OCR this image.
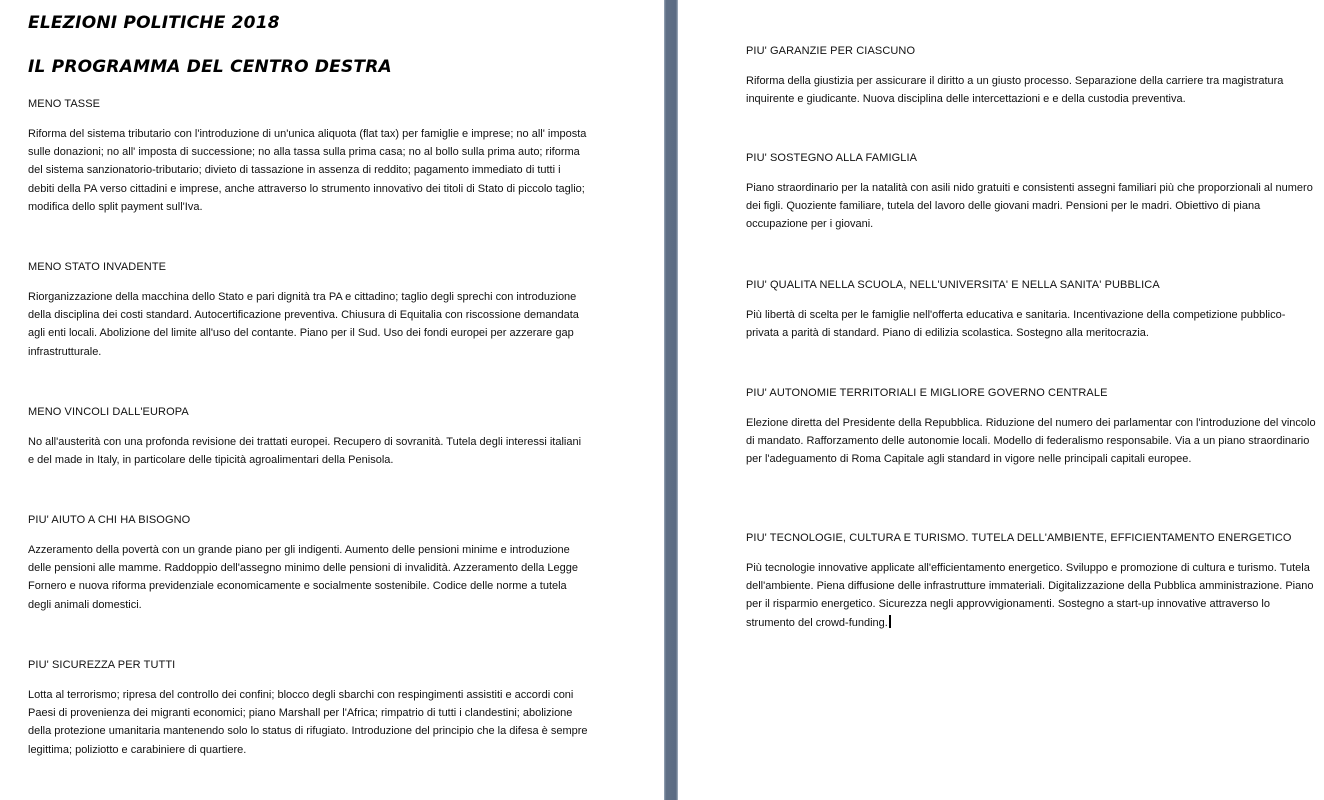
ELEZIONI POLITICHE 2018
IL PROGRAMMA DEL CENTRO DESTRA
MENO TASSE

Riforma del sistema tributario con l'introduzione di un'unica aliquota (flat tax) per famiglie e imprese; no all' imposta sulle donazioni; no all' imposta di successione; no alla tassa sulla prima casa; no al bollo sulla prima auto; riforma del sistema sanzionatorio-tributario; divieto di tassazione in assenza di reddito; pagamento immediato di tutti i debiti della PA verso cittadini e imprese, anche attraverso lo strumento innovativo dei titoli di Stato di piccolo taglio; modifica dello split payment sull'Iva.

MENO STATO INVADENTE

Riorganizzazione della macchina dello Stato e pari dignità tra PA e cittadino; taglio degli sprechi con introduzione della disciplina dei costi standard. Autocertificazione preventiva. Chiusura di Equitalia con riscossione demandata agli enti locali. Abolizione del limite all'uso del contante. Piano per il Sud. Uso dei fondi europei per azzerare gap infrastrutturale.

MENO VINCOLI DALL'EUROPA

No all'austerità con una profonda revisione dei trattati europei. Recupero di sovranità. Tutela degli interessi italiani e del made in Italy, in particolare delle tipicità agroalimentari della Penisola.

PIU' AIUTO A CHI HA BISOGNO

Azzeramento della povertà con un grande piano per gli indigenti. Aumento delle pensioni minime e introduzione delle pensioni alle mamme. Raddoppio dell'assegno minimo delle pensioni di invalidità. Azzeramento della Legge Fornero e nuova riforma previdenziale economicamente e socialmente sostenibile. Codice delle norme a tutela degli animali domestici.

PIU' SICUREZZA PER TUTTI

Lotta al terrorismo; ripresa del controllo dei confini; blocco degli sbarchi con respingimenti assistiti e accordi coni Paesi di provenienza dei migranti economici; piano Marshall per l'Africa; rimpatrio di tutti i clandestini; abolizione della protezione umanitaria mantenendo solo lo status di rifugiato. Introduzione del principio che la difesa è sempre legittima; poliziotto e carabiniere di quartiere.

PIU' GARANZIE PER CIASCUNO

Riforma della giustizia per assicurare il diritto a un giusto processo. Separazione della carriere tra magistratura inquirente e giudicante. Nuova disciplina delle intercettazioni e e della custodia preventiva.

PIU' SOSTEGNO ALLA FAMIGLIA

Piano straordinario per la natalità con asili nido gratuiti e consistenti assegni familiari più che proporzionali al numero dei figli. Quoziente familiare, tutela del lavoro delle giovani madri. Pensioni per le madri. Obiettivo di piana occupazione per i giovani.

PIU' QUALITA NELLA SCUOLA, NELL'UNIVERSITA' E NELLA SANITA' PUBBLICA

Più libertà di scelta per le famiglie nell'offerta educativa e sanitaria. Incentivazione della competizione pubblico-privata a parità di standard. Piano di edilizia scolastica. Sostegno alla meritocrazia.

PIU' AUTONOMIE TERRITORIALI E MIGLIORE GOVERNO CENTRALE

Elezione diretta del Presidente della Repubblica. Riduzione del numero dei parlamentar con l'introduzione del vincolo di mandato. Rafforzamento delle autonomie locali. Modello di federalismo responsabile. Via a un piano straordinario per l'adeguamento di Roma Capitale agli standard in vigore nelle principali capitali europee.

PIU' TECNOLOGIE, CULTURA E TURISMO. TUTELA DELL'AMBIENTE, EFFICIENTAMENTO ENERGETICO

Più tecnologie innovative applicate all'efficientamento energetico. Sviluppo e promozione di cultura e turismo. Tutela dell'ambiente. Piena diffusione delle infrastrutture immateriali. Digitalizzazione della Pubblica amministrazione. Piano per il risparmio energetico. Sicurezza negli approvvigionamenti. Sostegno a start-up innovative attraverso lo strumento del crowd-funding.
